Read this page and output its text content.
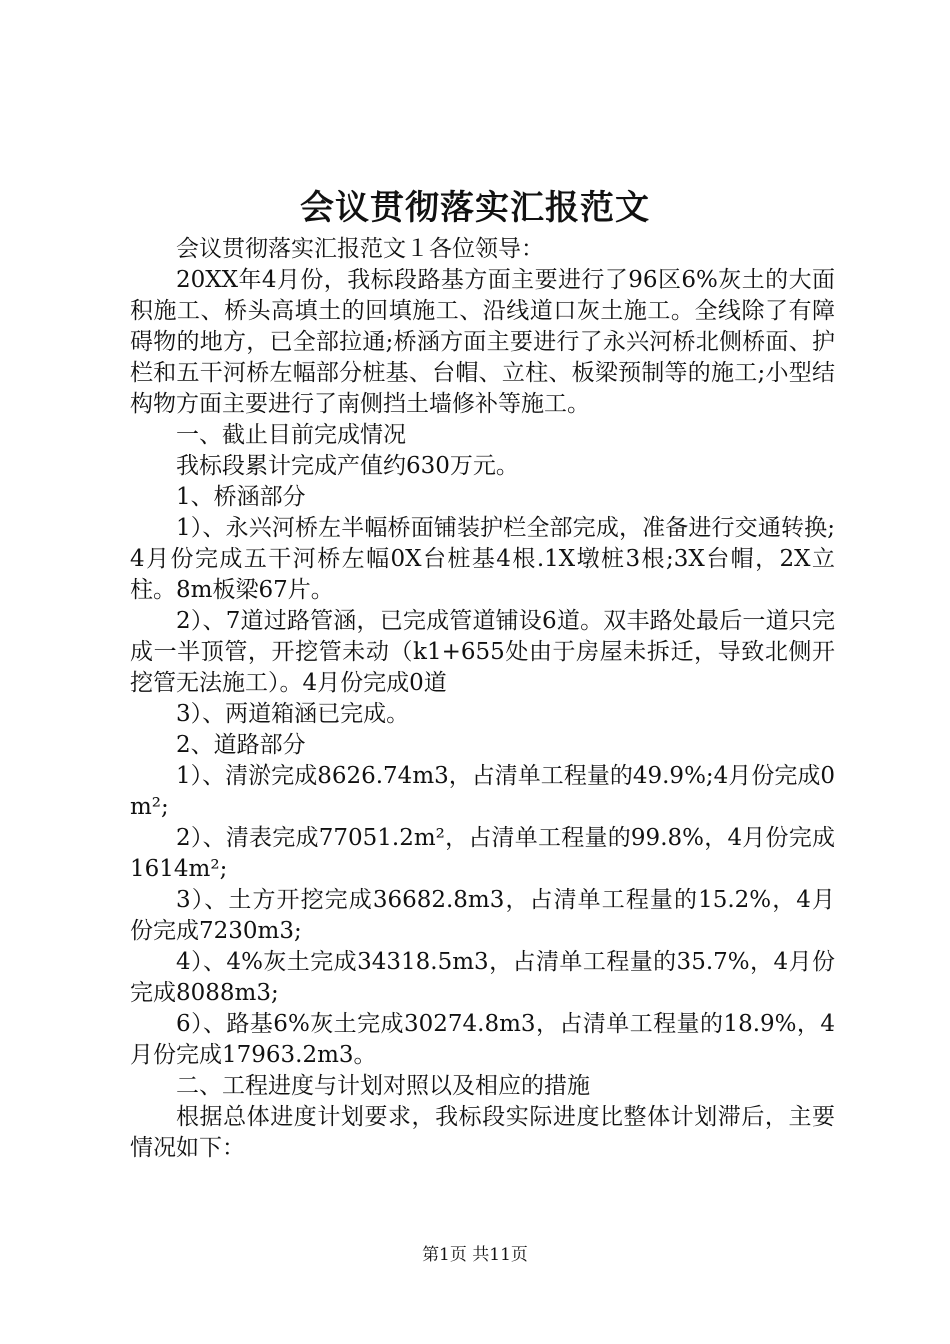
会议贯彻落实汇报范文

会议贯彻落实汇报范文１各位领导：

20XX年4月份，我标段路基方面主要进行了96区6%灰土的大面积施工、桥头高填土的回填施工、沿线道口灰土施工。全线除了有障碍物的地方，已全部拉通;桥涵方面主要进行了永兴河桥北侧桥面、护栏和五干河桥左幅部分桩基、台帽、立柱、板梁预制等的施工;小型结构物方面主要进行了南侧挡土墙修补等施工。

一、截止目前完成情况

我标段累计完成产值约630万元。

1、桥涵部分

1）、永兴河桥左半幅桥面铺装护栏全部完成，准备进行交通转换;4月份完成五干河桥左幅0X台桩基4根.1X墩桩3根;3X台帽，2X立柱。8m板梁67片。

2）、7道过路管涵，已完成管道铺设6道。双丰路处最后一道只完成一半顶管，开挖管未动（k1+655处由于房屋未拆迁，导致北侧开挖管无法施工）。4月份完成0道

3）、两道箱涵已完成。

2、道路部分

1）、清淤完成8626.74m3，占清单工程量的49.9%;4月份完成0m²;

2）、清表完成77051.2m²，占清单工程量的99.8%，4月份完成1614m²;

3）、土方开挖完成36682.8m3，占清单工程量的15.2%，4月份完成7230m3;

4）、4%灰土完成34318.5m3，占清单工程量的35.7%，4月份完成8088m3;

6）、路基6%灰土完成30274.8m3，占清单工程量的18.9%，4月份完成17963.2m3。

二、工程进度与计划对照以及相应的措施

根据总体进度计划要求，我标段实际进度比整体计划滞后，主要情况如下：

第1页 共11页
